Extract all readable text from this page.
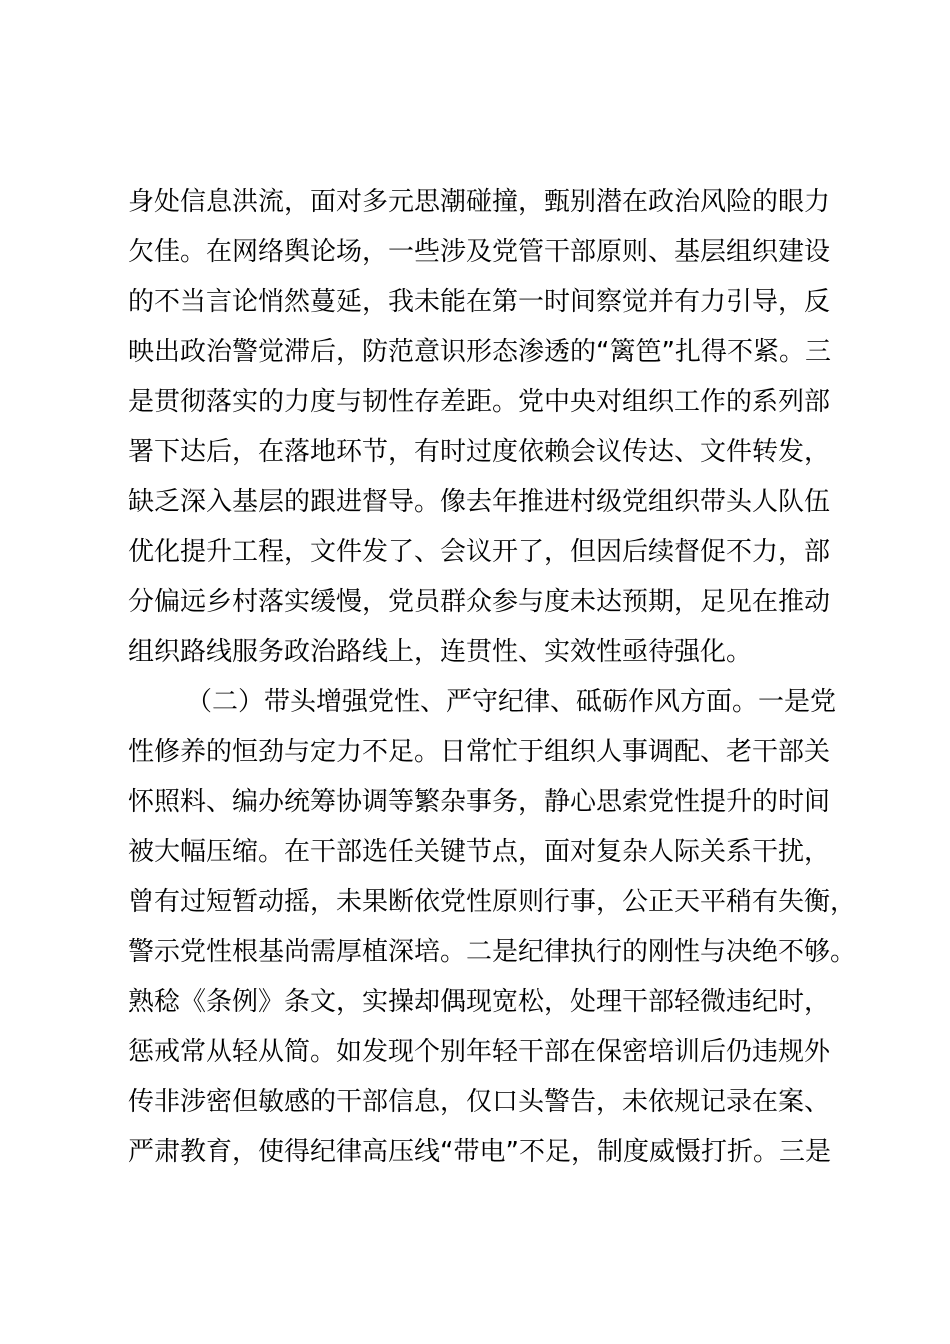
身处信息洪流，面对多元思潮碰撞，甄别潜在政治风险的眼力
欠佳。在网络舆论场，一些涉及党管干部原则、基层组织建设
的不当言论悄然蔓延，我未能在第一时间察觉并有力引导，反
映出政治警觉滞后，防范意识形态渗透的“篱笆”扎得不紧。三
是贯彻落实的力度与韧性存差距。党中央对组织工作的系列部
署下达后，在落地环节，有时过度依赖会议传达、文件转发，
缺乏深入基层的跟进督导。像去年推进村级党组织带头人队伍
优化提升工程，文件发了、会议开了，但因后续督促不力，部
分偏远乡村落实缓慢，党员群众参与度未达预期，足见在推动
组织路线服务政治路线上，连贯性、实效性亟待强化。
（二）带头增强党性、严守纪律、砥砺作风方面。一是党
性修养的恒劲与定力不足。日常忙于组织人事调配、老干部关
怀照料、编办统筹协调等繁杂事务，静心思索党性提升的时间
被大幅压缩。在干部选任关键节点，面对复杂人际关系干扰，
曾有过短暂动摇，未果断依党性原则行事，公正天平稍有失衡，
警示党性根基尚需厚植深培。二是纪律执行的刚性与决绝不够。
熟稔《条例》条文，实操却偶现宽松，处理干部轻微违纪时，
惩戒常从轻从简。如发现个别年轻干部在保密培训后仍违规外
传非涉密但敏感的干部信息，仅口头警告，未依规记录在案、
严肃教育，使得纪律高压线“带电”不足，制度威慑打折。三是
